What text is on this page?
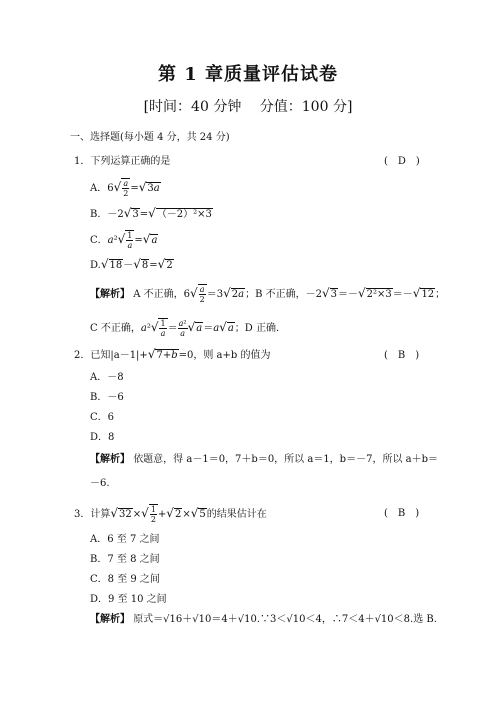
第 1 章质量评估试卷
[时间：40 分钟　 分值：100 分]
一、选择题(每小题 4 分，共 24 分)
1．下列运算正确的是	(　D　)
A．$6√ \frac{a}{2} =√3a$
B．－2√3=√（－2）²×3
C．$a^2√ \frac{1}{a} =√a$
D.√18－√8=√2
【解析】 A 不正确，$6√ \frac{a}{2} =3√2a$；B 不正确，－2√3＝－√2²×3＝－√12；
C 不正确，$a^2√ \frac{1}{a} = \frac{\text{a²}}{a} √a=a√a$；D 正确．
2．已知|a－1|+√7+b=0，则 a+b 的值为	(　B　)
A．－8
B．－6
C．6
D．8
【解析】 依题意，得 a－1＝0，7＋b＝0，所以 a＝1，b＝－7，所以 a＋b＝
－6.
3．计算$√32\times√ \frac{1}{2} +√2\times√5$的结果估计在	(　B　)
A．6 至 7 之间
B．7 至 8 之间
C．8 至 9 之间
D．9 至 10 之间
【解析】 原式＝√16＋√10＝4＋√10.∵3＜√10＜4，∴7＜4＋√10＜8.选 B.
